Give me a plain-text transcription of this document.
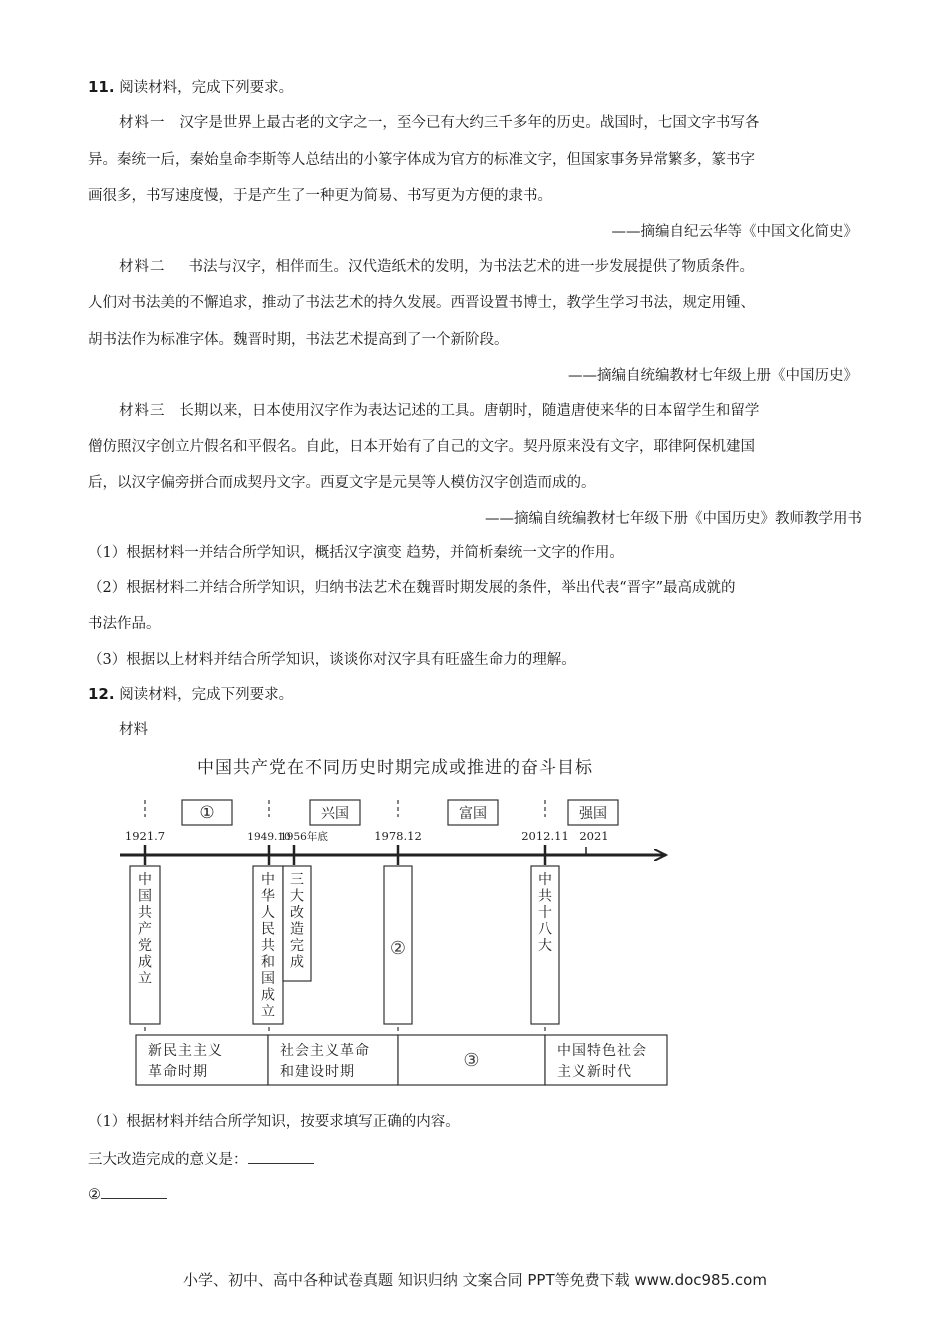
11. 阅读材料，完成下列要求。
材料一 汉字是世界上最古老的文字之一，至今已有大约三千多年的历史。战国时，七国文字书写各
异。秦统一后，秦始皇命李斯等人总结出的小篆字体成为官方的标准文字，但国家事务异常繁多，篆书字
画很多，书写速度慢，于是产生了一种更为简易、书写更为方便的隶书。
——摘编自纪云华等《中国文化简史》
材料二 书法与汉字，相伴而生。汉代造纸术的发明，为书法艺术的进一步发展提供了物质条件。
人们对书法美的不懈追求，推动了书法艺术的持久发展。西晋设置书博士，教学生学习书法，规定用锺、
胡书法作为标准字体。魏晋时期，书法艺术提高到了一个新阶段。
——摘编自统编教材七年级上册《中国历史》
材料三 长期以来，日本使用汉字作为表达记述的工具。唐朝时，随遣唐使来华的日本留学生和留学
僧仿照汉字创立片假名和平假名。自此，日本开始有了自己的文字。契丹原来没有文字，耶律阿保机建国
后，以汉字偏旁拼合而成契丹文字。西夏文字是元昊等人模仿汉字创造而成的。
——摘编自统编教材七年级下册《中国历史》教师教学用书
（1）根据材料一并结合所学知识，概括汉字演变 趋势，并简析秦统一文字的作用。
（2）根据材料二并结合所学知识，归纳书法艺术在魏晋时期发展的条件，举出代表“晋字”最高成就的
书法作品。
（3）根据以上材料并结合所学知识，谈谈你对汉字具有旺盛生命力的理解。
12. 阅读材料，完成下列要求。
材料
中国共产党在不同历史时期完成或推进的奋斗目标
①	兴国	富国	强国
1921.7	1949.10
1956年底	1978.12	2012.11 2021
中国共产党成立
中华人民共和国成立
三大改造完成
②
中共十八大
新民主主义
革命时期
社会主义革命
和建设时期
③	中国特色社会
主义新时代
（1）根据材料并结合所学知识，按要求填写正确的内容。
三大改造完成的意义是：
②
小学、初中、高中各种试卷真题 知识归纳 文案合同 PPT等免费下载 www.doc985.com
